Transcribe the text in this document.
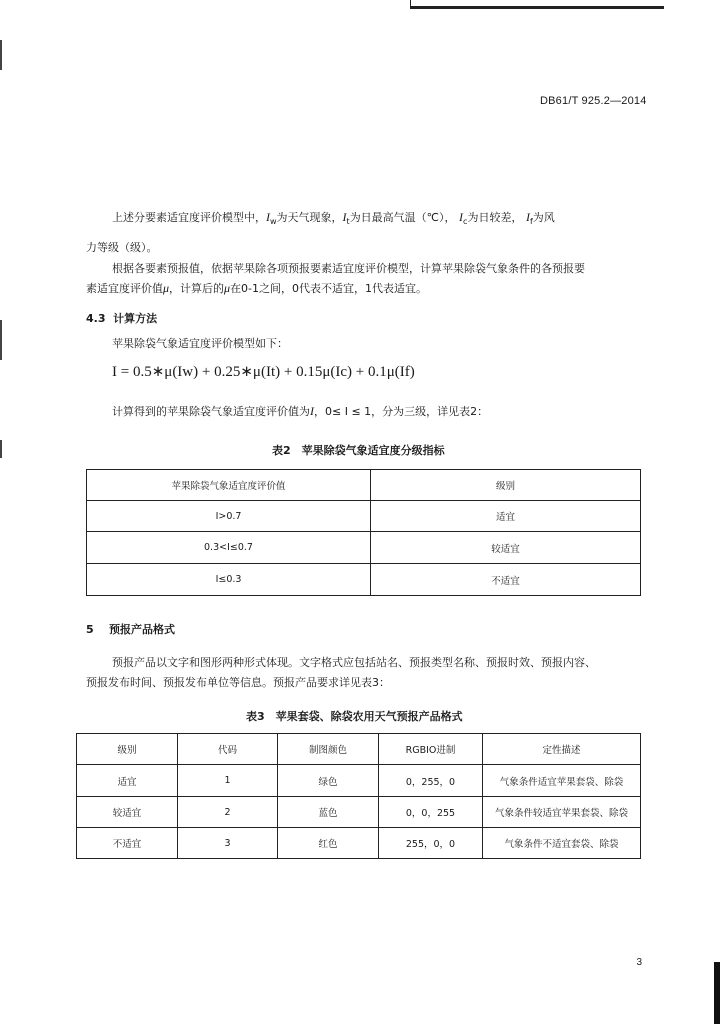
DB61/T 925.2—2014
上述分要素适宜度评价模型中，$I_w$为天气现象，$I_t$为日最高气温（℃）， $I_c$为日较差， $I_f$为风
力等级（级）。
根据各要素预报值，依据苹果除各项预报要素适宜度评价模型，计算苹果除袋气象条件的各预报要
素适宜度评价值μ，计算后的μ在0-1之间，0代表不适宜，1代表适宜。
4.3 计算方法
苹果除袋气象适宜度评价模型如下：
I = 0.5∗μ(Iw) + 0.25∗μ(It) + 0.15μ(Ic) + 0.1μ(If)
计算得到的苹果除袋气象适宜度评价值为I，0≤ I ≤ 1，分为三级，详见表2：
表2　苹果除袋气象适宜度分级指标
苹果除袋气象适宜度评价值	级别
I>0.7	适宜
0.3<I≤0.7	较适宜
I≤0.3	不适宜
5 预报产品格式
预报产品以文字和图形两种形式体现。文字格式应包括站名、预报类型名称、预报时效、预报内容、
预报发布时间、预报发布单位等信息。预报产品要求详见表3：
表3　苹果套袋、除袋农用天气预报产品格式
级别	代码	制图颜色	RGBIO进制	定性描述
适宜	1	绿色	0，255，0	气象条件适宜苹果套袋、除袋
较适宜	2	蓝色	0，0，255	气象条件较适宜苹果套袋、除袋
不适宜	3	红色	255，0，0	气象条件不适宜套袋、除袋
3
